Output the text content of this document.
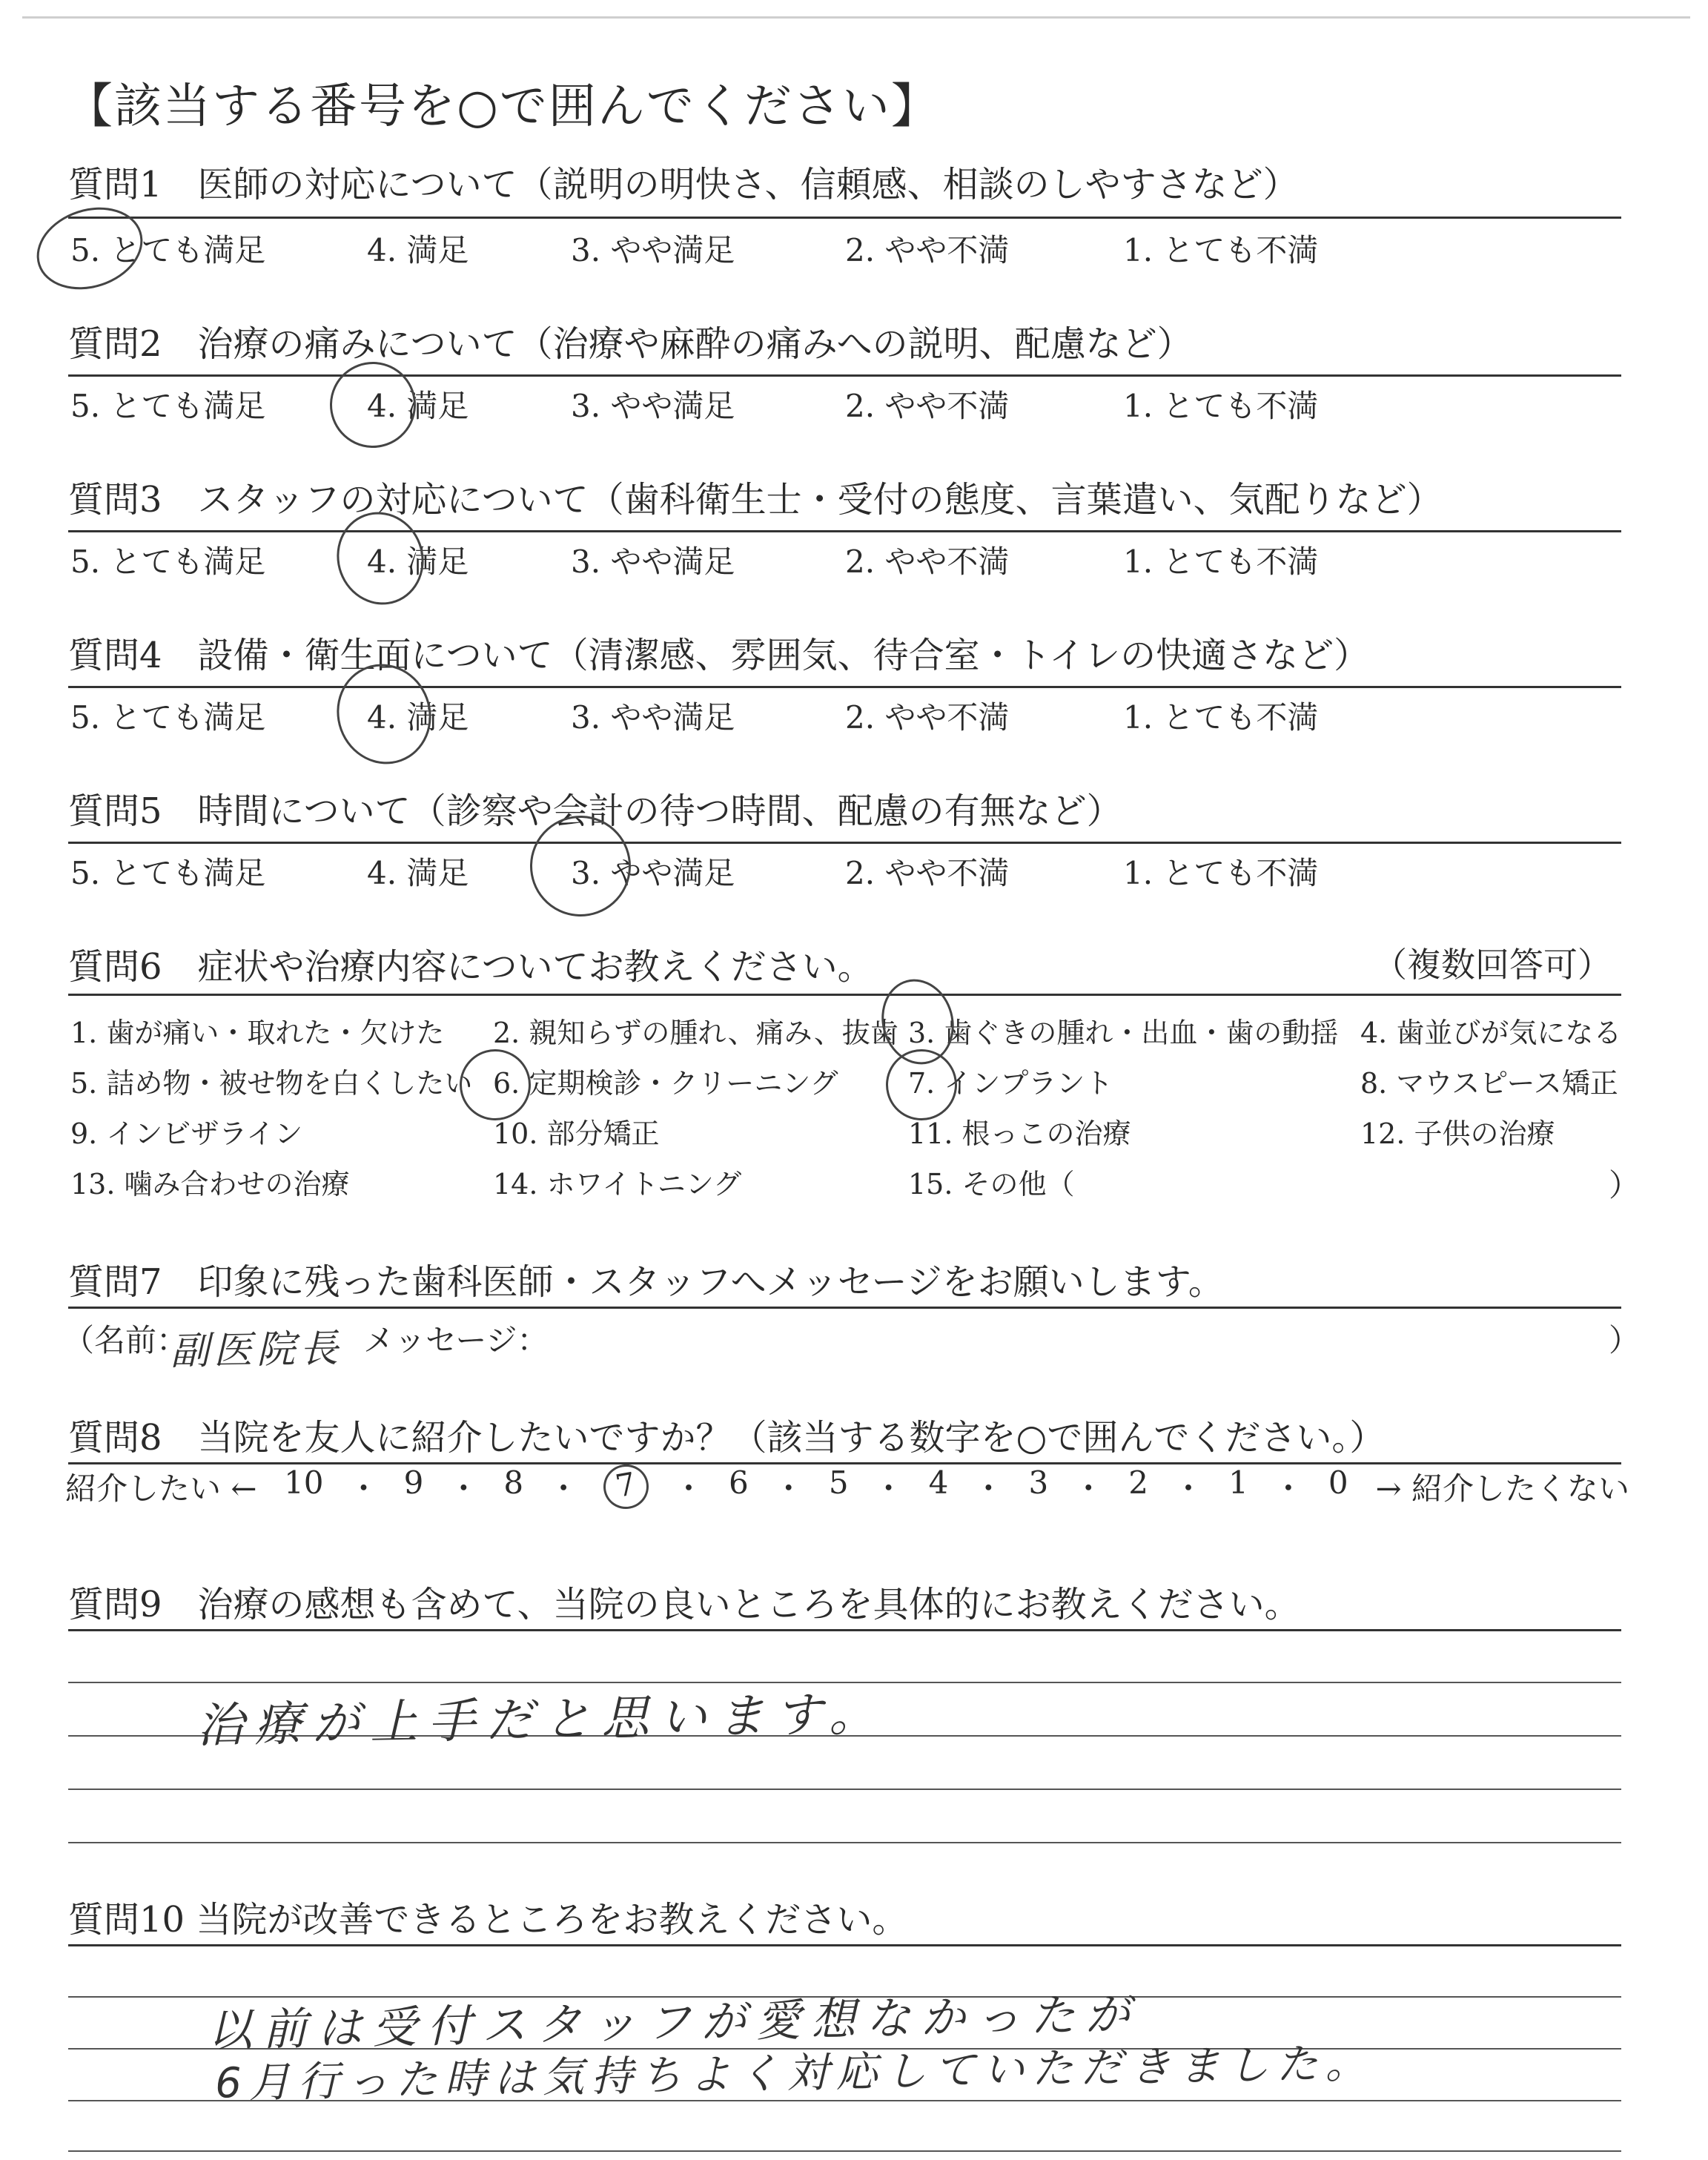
【該当する番号を○で囲んでください】
質問1　医師の対応について（説明の明快さ、信頼感、相談のしやすさなど）
5. とても満足	4. 満足	3. やや満足	2. やや不満	1. とても不満
質問2　治療の痛みについて（治療や麻酔の痛みへの説明、配慮など）
5. とても満足	4. 満足	3. やや満足	2. やや不満	1. とても不満
質問3　スタッフの対応について（歯科衛生士・受付の態度、言葉遣い、気配りなど）
5. とても満足	4. 満足	3. やや満足	2. やや不満	1. とても不満
質問4　設備・衛生面について（清潔感、雰囲気、待合室・トイレの快適さなど）
5. とても満足	4. 満足	3. やや満足	2. やや不満	1. とても不満
質問5　時間について（診察や会計の待つ時間、配慮の有無など）
5. とても満足	4. 満足	3. やや満足	2. やや不満	1. とても不満
質問6　症状や治療内容についてお教えください。	（複数回答可）
1. 歯が痛い・取れた・欠けた 2. 親知らずの腫れ、痛み、抜歯 3. 歯ぐきの腫れ・出血・歯の動揺 4. 歯並びが気になる
5. 詰め物・被せ物を白くしたい 6. 定期検診・クリーニング 7. インプラント	8. マウスピース矯正
9. インビザライン	10. 部分矯正	11. 根っこの治療	12. 子供の治療
13. 噛み合わせの治療	14. ホワイトニング	15. その他（	）
質問7　印象に残った歯科医師・スタッフへメッセージをお願いします。
（名前：
副医院長 メッセージ：	）
質問8　当院を友人に紹介したいですか？（該当する数字を○で囲んでください。）
紹介したい ← 10 ・ 9 ・ 8 ・	7	・ 6 ・ 5 ・ 4 ・ 3 ・ 2 ・ 1 ・ 0 → 紹介したくない
質問9　治療の感想も含めて、当院の良いところを具体的にお教えください。
治療が上手だと思います。
質問10 当院が改善できるところをお教えください。
以前は受付スタッフが愛想なかったが
6月行った時は気持ちよく対応していただきました。
